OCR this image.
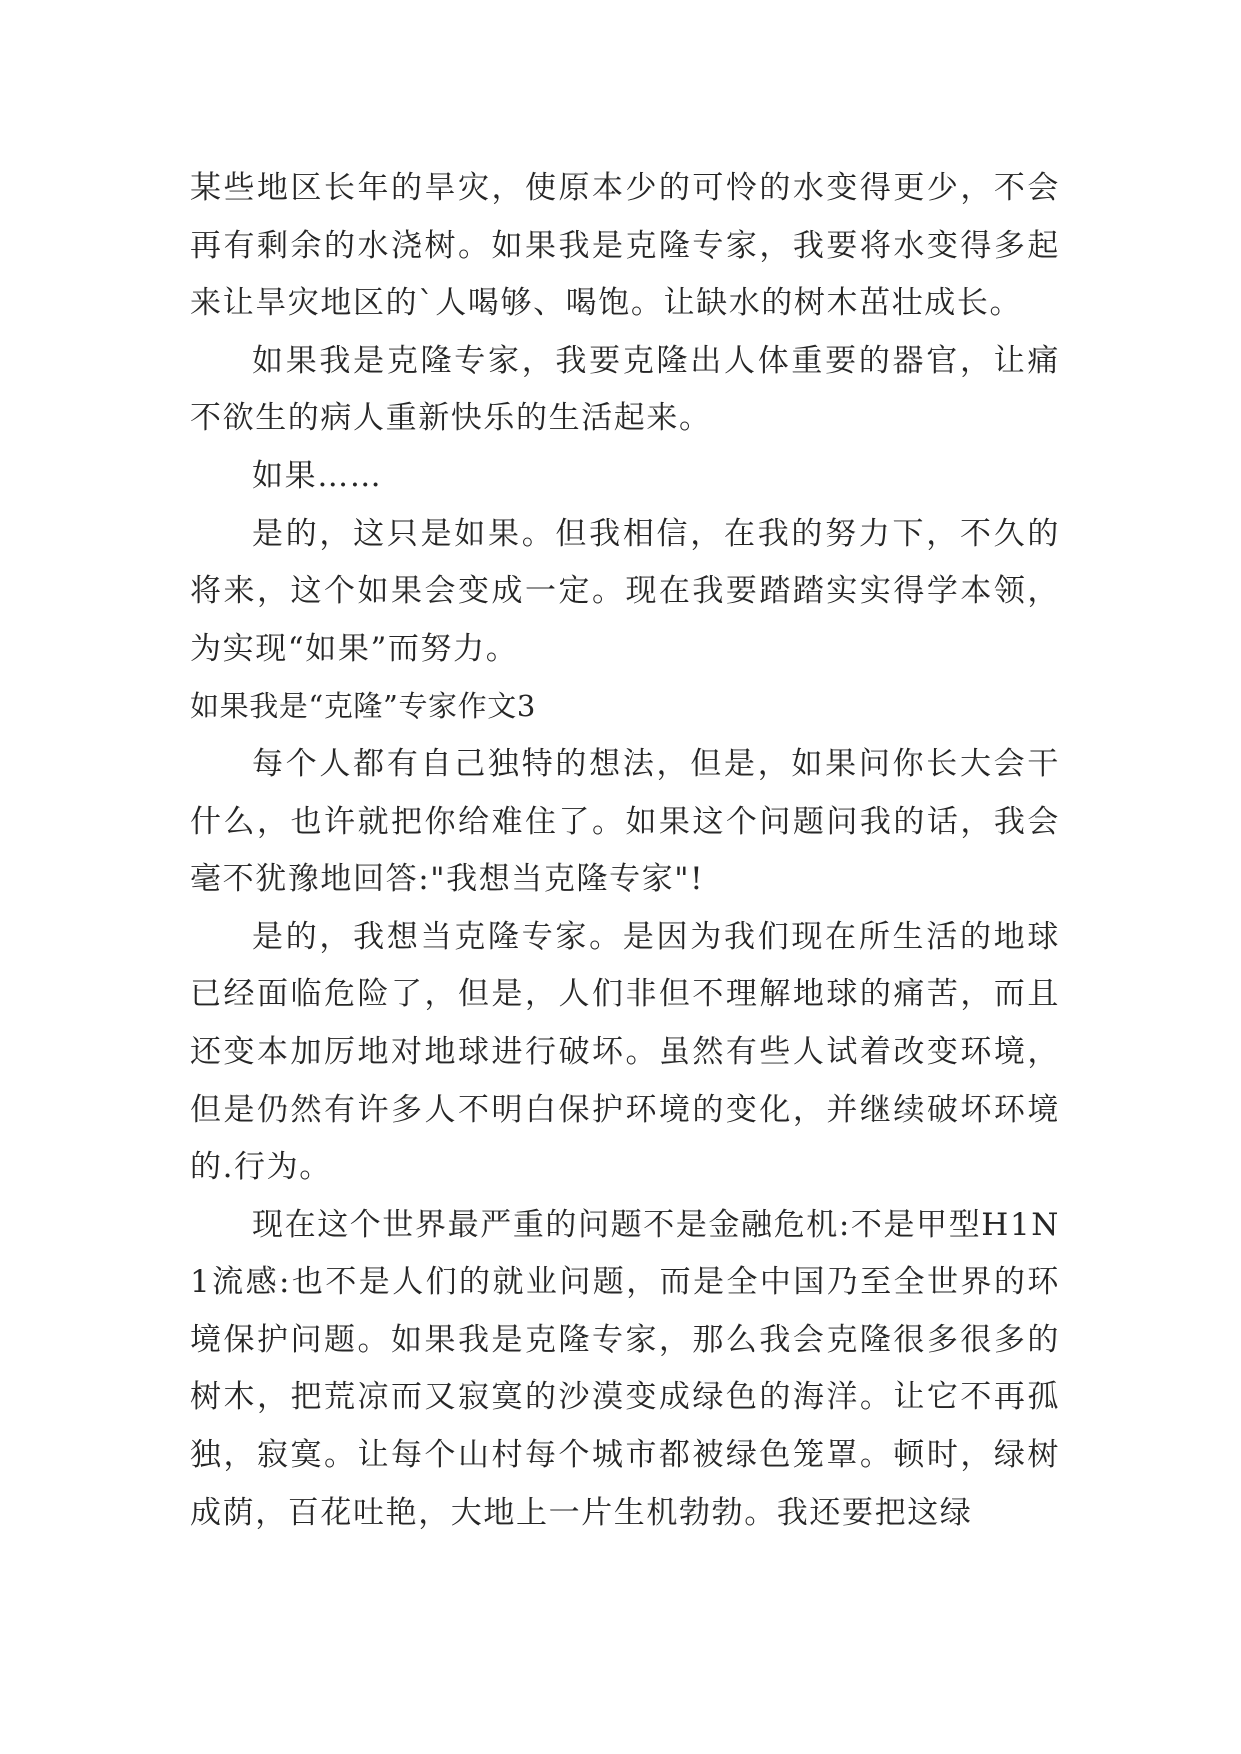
某些地区长年的旱灾，使原本少的可怜的水变得更少，不会再有剩余的水浇树。如果我是克隆专家，我要将水变得多起来让旱灾地区的`人喝够、喝饱。让缺水的树木茁壮成长。

如果我是克隆专家，我要克隆出人体重要的器官，让痛不欲生的病人重新快乐的生活起来。

如果……

是的，这只是如果。但我相信，在我的努力下，不久的将来，这个如果会变成一定。现在我要踏踏实实得学本领，为实现“如果”而努力。

如果我是“克隆”专家作文3

每个人都有自己独特的想法，但是，如果问你长大会干什么，也许就把你给难住了。如果这个问题问我的话，我会毫不犹豫地回答:"我想当克隆专家"!

是的，我想当克隆专家。是因为我们现在所生活的地球已经面临危险了，但是，人们非但不理解地球的痛苦，而且还变本加厉地对地球进行破坏。虽然有些人试着改变环境，但是仍然有许多人不明白保护环境的变化，并继续破坏环境的.行为。

现在这个世界最严重的问题不是金融危机:不是甲型H1N1流感:也不是人们的就业问题，而是全中国乃至全世界的环境保护问题。如果我是克隆专家，那么我会克隆很多很多的树木，把荒凉而又寂寞的沙漠变成绿色的海洋。让它不再孤独，寂寞。让每个山村每个城市都被绿色笼罩。顿时，绿树成荫，百花吐艳，大地上一片生机勃勃。我还要把这绿
